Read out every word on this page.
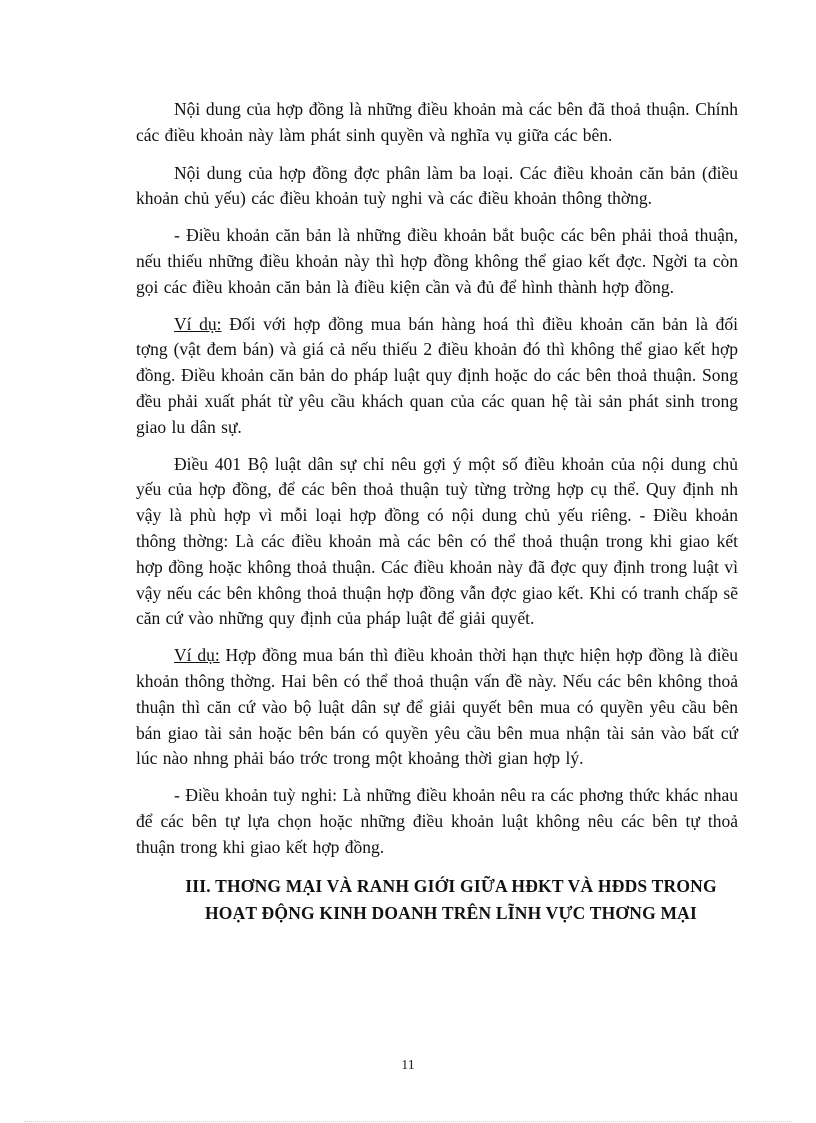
Nội dung của hợp đồng là những điều khoản mà các bên đã thoả thuận. Chính các điều khoản này làm phát sinh quyền và nghĩa vụ giữa các bên.

Nội dung của hợp đồng đợc phân làm ba loại. Các điều khoản căn bản (điều khoản chủ yếu) các điều khoản tuỳ nghi và các điều khoản thông thờng.

- Điều khoản căn bản là những điều khoản bắt buộc các bên phải thoả thuận, nếu thiếu những điều khoản này thì hợp đồng không thể giao kết đợc. Ngời ta còn gọi các điều khoản căn bản là điều kiện cần và đủ để hình thành hợp đồng.

Ví dụ: Đối với hợp đồng mua bán hàng hoá thì điều khoản căn bản là đối tợng (vật đem bán) và giá cả nếu thiếu 2 điều khoản đó thì không thể giao kết hợp đồng. Điều khoản căn bản do pháp luật quy định hoặc do các bên thoả thuận. Song đều phải xuất phát từ yêu cầu khách quan của các quan hệ tài sản phát sinh trong giao lu dân sự.

Điều 401 Bộ luật dân sự chỉ nêu gợi ý một số điều khoản của nội dung chủ yếu của hợp đồng, để các bên thoả thuận tuỳ từng trờng hợp cụ thể. Quy định nh vậy là phù hợp vì mỗi loại hợp đồng có nội dung chủ yếu riêng. - Điều khoản thông thờng: Là các điều khoản mà các bên có thể thoả thuận trong khi giao kết hợp đồng hoặc không thoả thuận. Các điều khoản này đã đợc quy định trong luật vì vậy nếu các bên không thoả thuận hợp đồng vẫn đợc giao kết. Khi có tranh chấp sẽ căn cứ vào những quy định của pháp luật để giải quyết.

Ví dụ: Hợp đồng mua bán thì điều khoản thời hạn thực hiện hợp đồng là điều khoản thông thờng. Hai bên có thể thoả thuận vấn đề này. Nếu các bên không thoả thuận thì căn cứ vào bộ luật dân sự để giải quyết bên mua có quyền yêu cầu bên bán giao tài sản hoặc bên bán có quyền yêu cầu bên mua nhận tài sản vào bất cứ lúc nào nhng phải báo trớc trong một khoảng thời gian hợp lý.

- Điều khoản tuỳ nghi: Là những điều khoản nêu ra các phơng thức khác nhau để các bên tự lựa chọn hoặc những điều khoản luật không nêu các bên tự thoả thuận trong khi giao kết hợp đồng.

III. THƠNG MẠI VÀ RANH GIỚI GIỮA HĐKT VÀ HĐDS TRONG
HOẠT ĐỘNG KINH DOANH TRÊN LĨNH VỰC THƠNG MẠI
11
